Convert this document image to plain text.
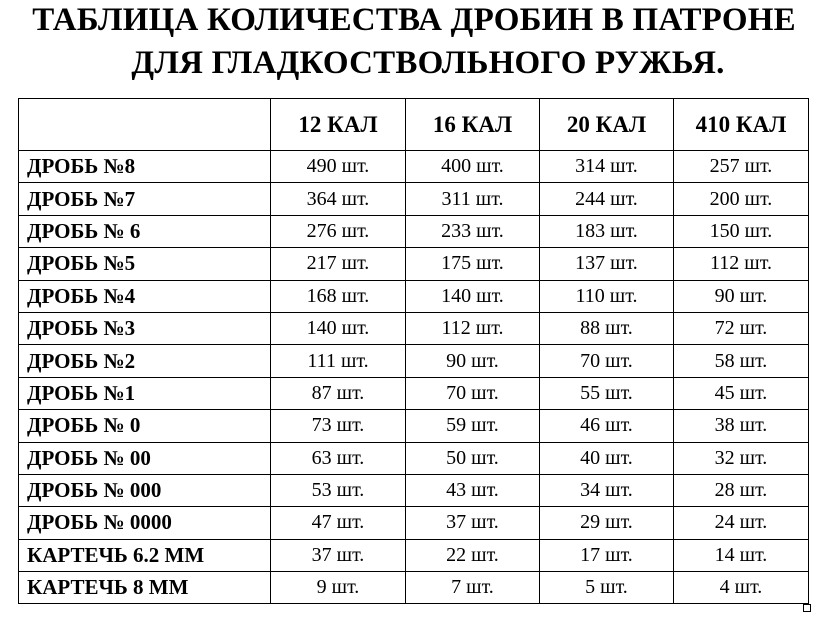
ТАБЛИЦА КОЛИЧЕСТВА ДРОБИН В ПАТРОНЕ
ДЛЯ ГЛАДКОСТВОЛЬНОГО РУЖЬЯ.
	12 КАЛ	16 КАЛ	20 КАЛ	410 КАЛ
ДРОБЬ №8	490 шт.	400 шт.	314 шт.	257 шт.
ДРОБЬ №7	364 шт.	311 шт.	244 шт.	200 шт.
ДРОБЬ № 6	276 шт.	233 шт.	183 шт.	150 шт.
ДРОБЬ №5	217 шт.	175 шт.	137 шт.	112 шт.
ДРОБЬ №4	168 шт.	140 шт.	110 шт.	90 шт.
ДРОБЬ №3	140 шт.	112 шт.	88 шт.	72 шт.
ДРОБЬ №2	111 шт.	90 шт.	70 шт.	58 шт.
ДРОБЬ №1	87 шт.	70 шт.	55 шт.	45 шт.
ДРОБЬ № 0	73 шт.	59 шт.	46 шт.	38 шт.
ДРОБЬ № 00	63 шт.	50 шт.	40 шт.	32 шт.
ДРОБЬ № 000	53 шт.	43 шт.	34 шт.	28 шт.
ДРОБЬ № 0000	47 шт.	37 шт.	29 шт.	24 шт.
КАРТЕЧЬ 6.2 ММ	37 шт.	22 шт.	17 шт.	14 шт.
КАРТЕЧЬ 8 ММ	9 шт.	7 шт.	5 шт.	4 шт.
